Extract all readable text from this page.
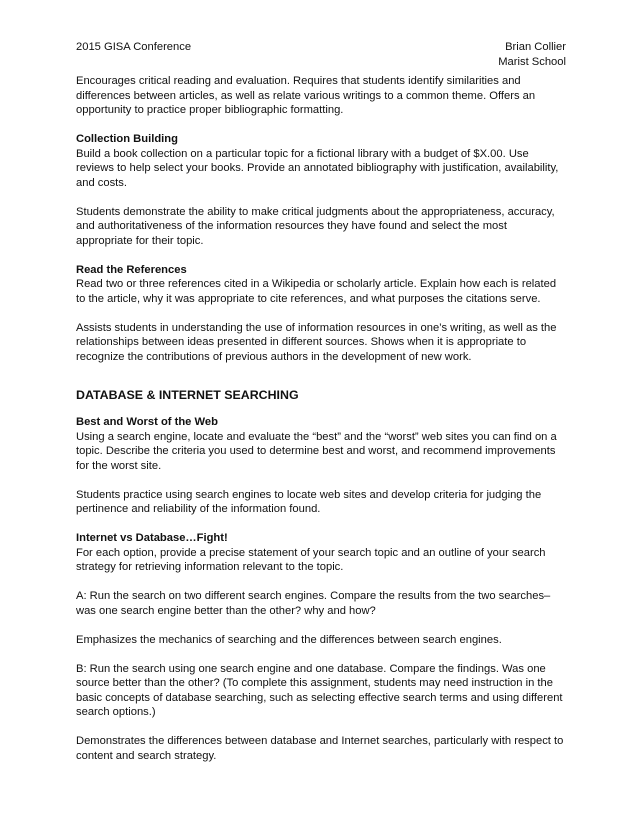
2015 GISA Conference	Brian Collier
Marist School

Encourages critical reading and evaluation. Requires that students identify similarities and differences between articles, as well as relate various writings to a common theme. Offers an opportunity to practice proper bibliographic formatting.

Collection Building
Build a book collection on a particular topic for a fictional library with a budget of $X.00. Use reviews to help select your books. Provide an annotated bibliography with justification, availability, and costs.

Students demonstrate the ability to make critical judgments about the appropriateness, accuracy, and authoritativeness of the information resources they have found and select the most appropriate for their topic.

Read the References
Read two or three references cited in a Wikipedia or scholarly article. Explain how each is related to the article, why it was appropriate to cite references, and what purposes the citations serve.

Assists students in understanding the use of information resources in one’s writing, as well as the relationships between ideas presented in different sources. Shows when it is appropriate to recognize the contributions of previous authors in the development of new work.

DATABASE & INTERNET SEARCHING

Best and Worst of the Web
Using a search engine, locate and evaluate the “best” and the “worst” web sites you can find on a topic. Describe the criteria you used to determine best and worst, and recommend improvements for the worst site.

Students practice using search engines to locate web sites and develop criteria for judging the pertinence and reliability of the information found.

Internet vs Database…Fight!
For each option, provide a precise statement of your search topic and an outline of your search strategy for retrieving information relevant to the topic.

A: Run the search on two different search engines. Compare the results from the two searches– was one search engine better than the other? why and how?

Emphasizes the mechanics of searching and the differences between search engines.

B: Run the search using one search engine and one database. Compare the findings. Was one source better than the other? (To complete this assignment, students may need instruction in the basic concepts of database searching, such as selecting effective search terms and using different search options.)

Demonstrates the differences between database and Internet searches, particularly with respect to content and search strategy.
